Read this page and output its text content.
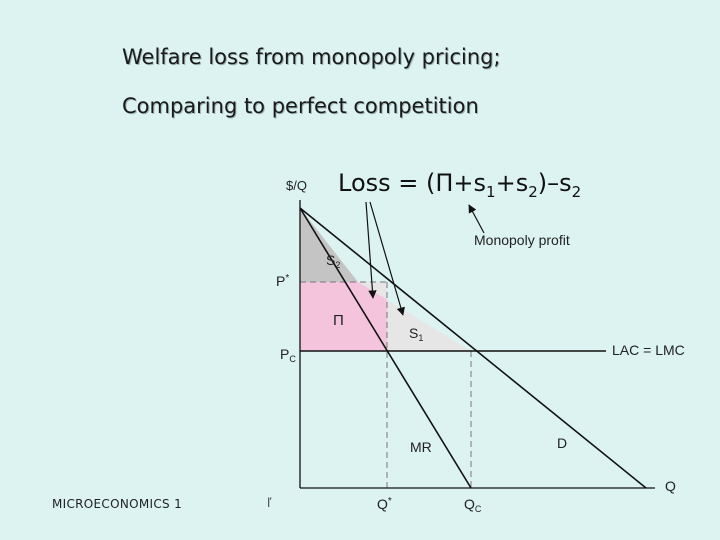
Welfare loss from monopoly pricing;
Comparing to perfect competition
Loss = $(\Pi+s_1+s_2)-s_2$
$/Q
Q
P*
$P_C$
Q*	$Q_C$
$S_2$
$S_1$
Π
LAC = LMC
MR	D
Monopoly profit
MICROECONOMICS 1	ľ
